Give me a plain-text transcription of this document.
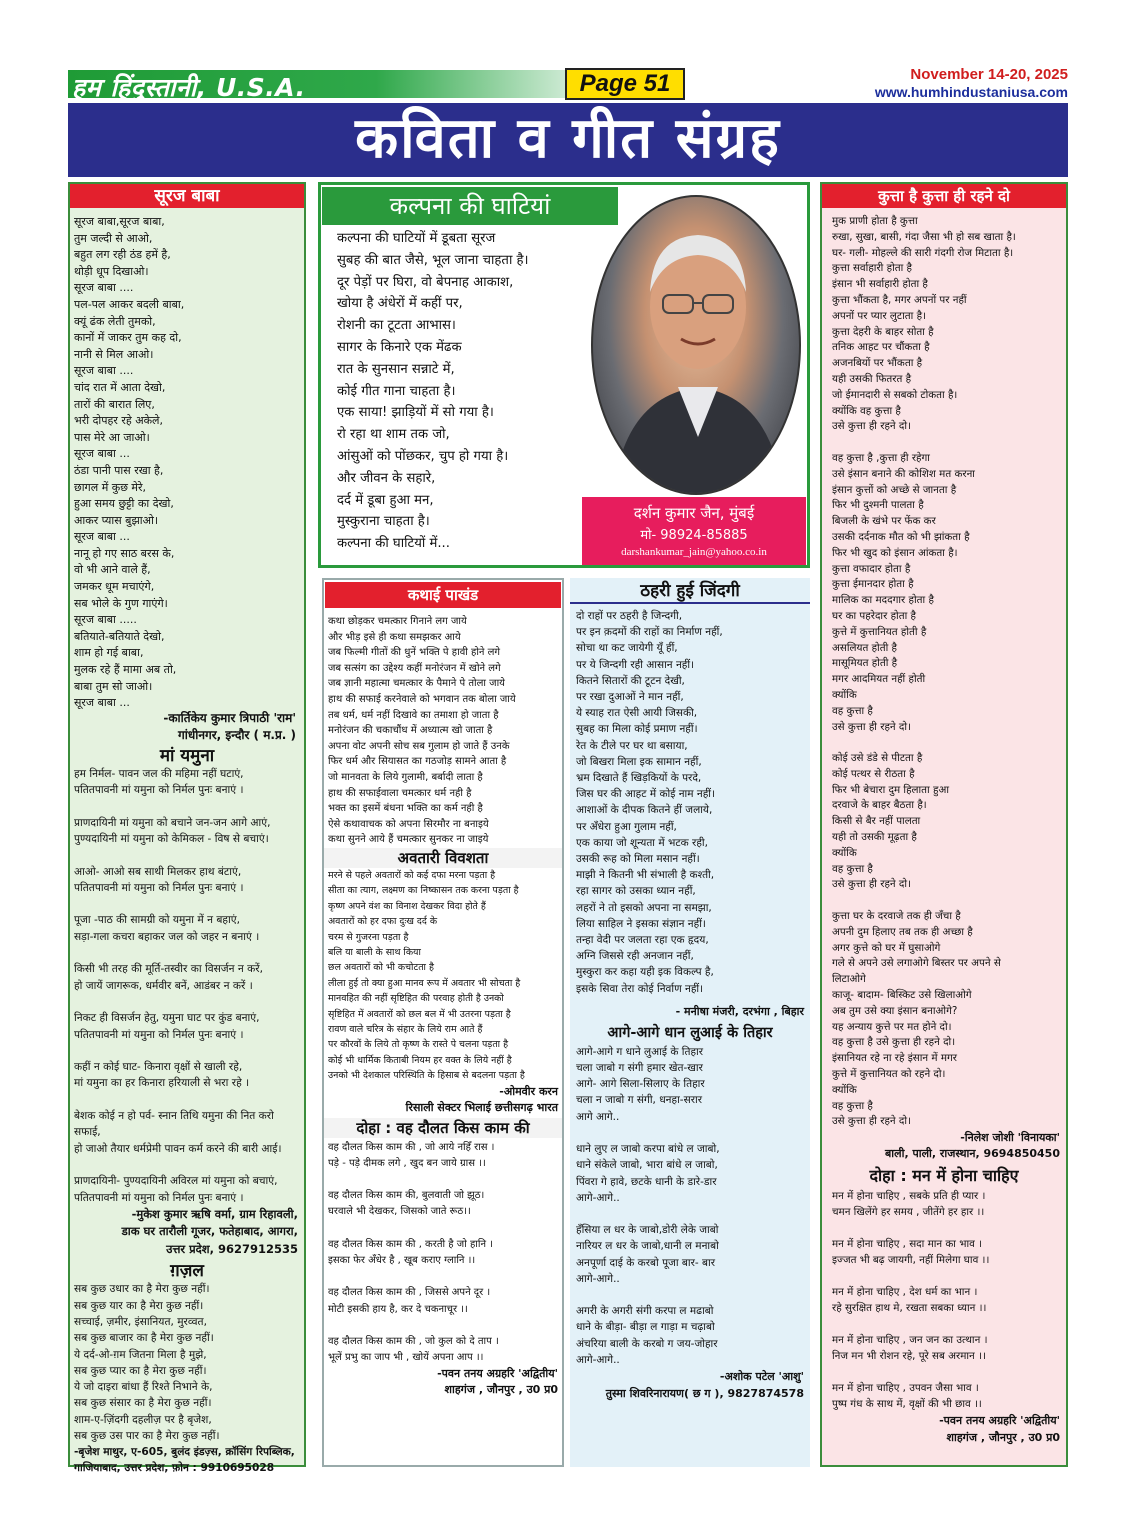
हम हिंदुस्तानी, U.S.A.	Page 51	November 14-20, 2025
www.humhindustaniusa.com
कविता व गीत संग्रह
सूरज बाबा
सूरज बाबा,सूरज बाबा,
तुम जल्दी से आओ,
बहुत लग रही ठंड हमें है,
थोड़ी धूप दिखाओ।
सूरज बाबा ....
पल-पल आकर बदली बाबा,
क्यूं ढंक लेती तुमको,
कानों में जाकर तुम कह दो,
नानी से मिल आओ।
सूरज बाबा ....
चांद रात में आता देखो,
तारों की बारात लिए,
भरी दोपहर रहे अकेले,
पास मेरे आ जाओ।
सूरज बाबा ...
ठंडा पानी पास रखा है,
छागल में कुछ मेरे,
हुआ समय छुट्टी का देखो,
आकर प्यास बुझाओ।
सूरज बाबा ...
नानू हो गए साठ बरस के,
वो भी आने वाले हैं,
जमकर धूम मचाएंगे,
सब भोले के गुण गाएंगे।
सूरज बाबा .....
बतियाते-बतियाते देखो,
शाम हो गई बाबा,
मुलक रहे हैं मामा अब तो,
बाबा तुम सो जाओ।
सूरज बाबा ...
-कार्तिकेय कुमार त्रिपाठी 'राम'
गांधीनगर, इन्दौर ( म.प्र. )
मां यमुना
हम निर्मल- पावन जल की महिमा नहीं घटाएं,
पतितपावनी मां यमुना को निर्मल पुनः बनाएं ।

प्राणदायिनी मां यमुना को बचाने जन-जन आगे आएं,
पुण्यदायिनी मां यमुना को केमिकल - विष से बचाएं।

आओ- आओ सब साथी मिलकर हाथ बंटाएं,
पतितपावनी मां यमुना को निर्मल पुनः बनाएं ।

पूजा -पाठ की सामग्री को यमुना में न बहाएं,
सड़ा-गला कचरा बहाकर जल को जहर न बनाएं ।

किसी भी तरह की मूर्ति-तस्वीर का विसर्जन न करें,
हो जायें जागरूक, धर्मवीर बनें, आडंबर न करें ।

निकट ही विसर्जन हेतु, यमुना घाट पर कुंड बनाएं,
पतितपावनी मां यमुना को निर्मल पुनः बनाएं ।

कहीं न कोई घाट- किनारा वृक्षों से खाली रहे,
मां यमुना का हर किनारा हरियाली से भरा रहे ।

बेशक कोई न हो पर्व- स्नान तिथि यमुना की नित करो सफाई,
हो जाओ तैयार धर्मप्रेमी पावन कर्म करने की बारी आई।

प्राणदायिनी- पुण्यदायिनी अविरल मां यमुना को बचाएं,
पतितपावनी मां यमुना को निर्मल पुनः बनाएं ।
-मुकेश कुमार ऋषि वर्मा, ग्राम रिहावली,
डाक घर तारौली गूजर, फतेहाबाद, आगरा,
उत्तर प्रदेश, 9627912535
ग़ज़ल
सब कुछ उधार का है मेरा कुछ नहीं।
सब कुछ यार का है मेरा कुछ नहीं।
सच्चाई, ज़मीर, इंसानियत, मुरव्वत,
सब कुछ बाजार का है मेरा कुछ नहीं।
ये दर्द-ओ-ग़म जितना मिला है मुझे,
सब कुछ प्यार का है मेरा कुछ नहीं।
ये जो दाइरा बांधा हैं रिश्ते निभाने के,
सब कुछ संसार का है मेरा कुछ नहीं।
शाम-ए-ज़िंदगी दहलीज़ पर है बृजेश,
सब कुछ उस पार का है मेरा कुछ नहीं।
-बृजेश माथुर, ए-605, बुलंद इंडज़्स, क्रॉसिंग रिपब्लिक,
गाजियाबाद, उत्तर प्रदेश, फ़ोन : 9910695028
कल्पना की घाटियां
कल्पना की घाटियों में डूबता सूरज
सुबह की बात जैसे, भूल जाना चाहता है।
दूर पेड़ों पर घिरा, वो बेपनाह आकाश,
खोया है अंधेरों में कहीं पर,
रोशनी का टूटता आभास।
सागर के किनारे एक मेंढक
रात के सुनसान सन्नाटे में,
कोई गीत गाना चाहता है।
एक साया! झाड़ियों में सो गया है।
रो रहा था शाम तक जो,
आंसुओं को पोंछकर, चुप हो गया है।
और जीवन के सहारे,
दर्द में डूबा हुआ मन,
मुस्कुराना चाहता है।
कल्पना की घाटियों में...
दर्शन कुमार जैन, मुंबई
मो- 98924-85885
darshankumar_jain@yahoo.co.in
कथाई पाखंड
कथा छोड़कर चमत्कार गिनाने लग जाये
और भीड़ इसे ही कथा समझकर आये
जब फिल्मी गीतों की धुनें भक्ति पे हावी होने लगे
जब सत्संग का उद्देश्य कहीं मनोरंजन में खोने लगे
जब ज्ञानी महात्मा चमत्कार के पैमाने पे तोला जाये
हाथ की सफाई करनेवाले को भगवान तक बोला जाये
तब धर्म, धर्म नहीं दिखावे का तमाशा हो जाता है
मनोरंजन की चकाचौंध में अध्यात्म खो जाता है
अपना वोट अपनी सोच सब गुलाम हो जाते हैं उनके
फिर धर्म और सियासत का गठजोड़ सामने आता है
जो मानवता के लिये गुलामी, बर्बादी लाता है
हाथ की सफाईवाला चमत्कार धर्म नही है
भक्त का इसमें बंधना भक्ति का कर्म नही है
ऐसे कथावाचक को अपना सिरमौर ना बनाइये
कथा सुनने आये हैं चमत्कार सुनकर ना जाइये
अवतारी विवशता
मरने से पहले अवतारों को कई दफा मरना पड़ता है
सीता का त्याग, लक्ष्मण का निष्कासन तक करना पड़ता है
कृष्ण अपने वंश का विनाश देखकर विदा होते हैं
अवतारों को हर दफा दुःख दर्द के
चरम से गुजरना पड़ता है
बलि या बाली के साथ किया
छल अवतारों को भी कचोटता है
लीला हुई तो क्या हुआ मानव रूप में अवतार भी सोचता है
मानवहित की नहीं सृष्टिहित की परवाह होती है उनको
सृष्टिहित में अवतारों को छल बल में भी उतरना पड़ता है
रावण वाले चरित्र के संहार के लिये राम आते हैं
पर कौरवों के लिये तो कृष्ण के रास्ते पे चलना पड़ता है
कोई भी धार्मिक किताबी नियम हर वक्त के लिये नहीं है
उनको भी देशकाल परिस्थिति के हिसाब से बदलना पड़ता है
-ओमवीर करन
रिसाली सेक्टर भिलाई छत्तीसगढ़ भारत
दोहा : वह दौलत किस काम की
वह दौलत किस काम की , जो आये नहिँ रास ।
पड़े - पड़े दीमक लगे , खुद बन जाये ग्रास ।।

वह दौलत किस काम की, बुलवाती जो झूठ।
घरवाले भी देखकर, जिसको जाते रूठ।।

वह दौलत किस काम की , करती है जो हानि ।
इसका फेर अँधेर है , खूब कराए ग्लानि ।।

वह दौलत किस काम की , जिससे अपने दूर ।
मोटी इसकी हाय है, कर दे चकनाचूर ।।

वह दौलत किस काम की , जो कुल को दे ताप ।
भूलें प्रभु का जाप भी , खोयें अपना आप ।।
-पवन तनय अग्रहरि 'अद्वितीय'
शाहगंज , जौनपुर , उ0 प्र0
ठहरी हुई जिंदगी
दो राहों पर ठहरी है जिन्दगी,
पर इन क़दमों की राहों का निर्माण नहीं,
सोचा था कट जायेगी यूँ हीं,
पर ये जिन्दगी रही आसान नहीं।
कितने सितारों की टूटन देखी,
पर रखा दुआओं ने मान नहीं,
ये स्याह रात ऐसी आयी जिसकी,
सुबह का मिला कोई प्रमाण नहीं।
रेत के टीले पर घर था बसाया,
जो बिखरा मिला इक सामान नहीं,
भ्रम दिखाते हैं खिड़कियों के परदे,
जिस घर की आहट में कोई नाम नहीं।
आशाओं के दीपक कितने हीं जलाये,
पर अँधेरा हुआ गुलाम नहीं,
एक काया जो शून्यता में भटक रही,
उसकी रूह को मिला मसान नहीं।
माझी ने कितनी भी संभाली है कश्ती,
रहा सागर को उसका ध्यान नहीं,
लहरों ने तो इसको अपना ना समझा,
लिया साहिल ने इसका संज्ञान नहीं।
तन्हा वेदी पर जलता रहा एक हृदय,
अग्नि जिससे रही अनजान नहीं,
मुस्कुरा कर कहा यही इक विकल्प है,
इसके सिवा तेरा कोई निर्वाण नहीं।
- मनीषा मंजरी, दरभंगा , बिहार
आगे-आगे धान लुआई के तिहार
आगे-आगे ग धाने लुआई के तिहार
चला जाबो ग संगी हमार खेत-खार
आगे- आगे सिला-सिलाए के तिहार
चला न जाबो ग संगी, धनहा-सरार
आगे आगे..

धाने लुए ल जाबो करपा बांधे ल जाबो,
धाने संकेले जाबो, भारा बांधे ल जाबो,
पिंवरा गे हावे, छटके धानी के डारे-डार
आगे-आगे..

हँसिया ल धर के जाबो,डोरी लेके जाबो
नारियर ल धर के जाबो,धानी ल मनाबो
अनपूर्णा दाई के करबो पूजा बार- बार
आगे-आगे..

अगरी के अगरी संगी करपा ल मढाबो
धाने के बीड़ा- बीड़ा ल गाड़ा म चढ़ाबो
अंचरिया बाली के करबो ग जय-जोहार
आगे-आगे..
-अशोक पटेल 'आशु'
तुस्मा शिवरिनारायण( छ ग ), 9827874578
कुत्ता है कुत्ता ही रहने दो
मुक प्राणी होता है कुत्ता
रुखा, सुखा, बासी, गंदा जैसा भी हो सब खाता है।
घर- गली- मोहल्ले की सारी गंदगी रोज मिटाता है।
कुत्ता सर्वाहारी होता है
इंसान भी सर्वाहारी होता है
कुत्ता भौंकता है, मगर अपनों पर नहीं
अपनों पर प्यार लुटाता है।
कुत्ता देहरी के बाहर सोता है
तनिक आहट पर चौंकता है
अजनबियों पर भौंकता है
यही उसकी फितरत है
जो ईमानदारी से सबको टोकता है।
क्योंकि वह कुत्ता है
उसे कुत्ता ही रहने दो।

वह कुत्ता है ,कुत्ता ही रहेगा
उसे इंसान बनाने की कोशिश मत करना
इंसान कुत्तों को अच्छे से जानता है
फिर भी दुश्मनी पालता है
बिजली के खंभे पर फेंक कर
उसकी दर्दनाक मौत को भी झांकता है
फिर भी खुद को इंसान आंकता है।
कुत्ता वफादार होता है
कुत्ता ईमानदार होता है
मालिक का मददगार होता है
घर का पहरेदार होता है
कुत्ते में कुत्तानियत होती है
असलियत होती है
मासूमियत होती है
मगर आदमियत नहीं होती
क्योंकि
वह कुत्ता है
उसे कुत्ता ही रहने दो।

कोई उसे डंडे से पीटता है
कोई पत्थर से रीठता है
फिर भी बेचारा दुम हिलाता हुआ
दरवाजे के बाहर बैठता है।
किसी से बैर नहीं पालता
यही तो उसकी मूढ़ता है
क्योंकि
वह कुत्ता है
उसे कुत्ता ही रहने दो।

कुत्ता घर के दरवाजे तक ही जँचा है
अपनी दुम हिलाए तब तक ही अच्छा है
अगर कुत्ते को घर में घुसाओगे
गले से अपने उसे लगाओगे बिस्तर पर अपने से
लिटाओगे
काजू- बादाम- बिस्किट उसे खिलाओगे
अब तुम उसे क्या इंसान बनाओगे?
यह अन्याय कुत्ते पर मत होने दो।
वह कुत्ता है उसे कुत्ता ही रहने दो।
इंसानियत रहे ना रहे इंसान में मगर
कुत्ते में कुत्तानियत को रहने दो।
क्योंकि
वह कुत्ता है
उसे कुत्ता ही रहने दो।
-निलेश जोशी 'विनायका'
बाली, पाली, राजस्थान, 9694850450
दोहा : मन में होना चाहिए
मन में होना चाहिए , सबके प्रति ही प्यार ।
चमन खिलेंगे हर समय , जीतेंगे हर हार ।।

मन में होना चाहिए , सदा मान का भाव ।
इज्जत भी बढ़ जायगी, नहीं मिलेगा घाव ।।

मन में होना चाहिए , देश धर्म का भान ।
रहे सुरक्षित हाथ मे, रखता सबका ध्यान ।।

मन में होना चाहिए , जन जन का उत्थान ।
निज मन भी रोशन रहे, पूरे सब अरमान ।।

मन में होना चाहिए , उपवन जैसा भाव ।
पुष्प गंध के साथ में, वृक्षों की भी छाव ।।
-पवन तनय अग्रहरि 'अद्वितीय'
शाहगंज , जौनपुर , उ0 प्र0
